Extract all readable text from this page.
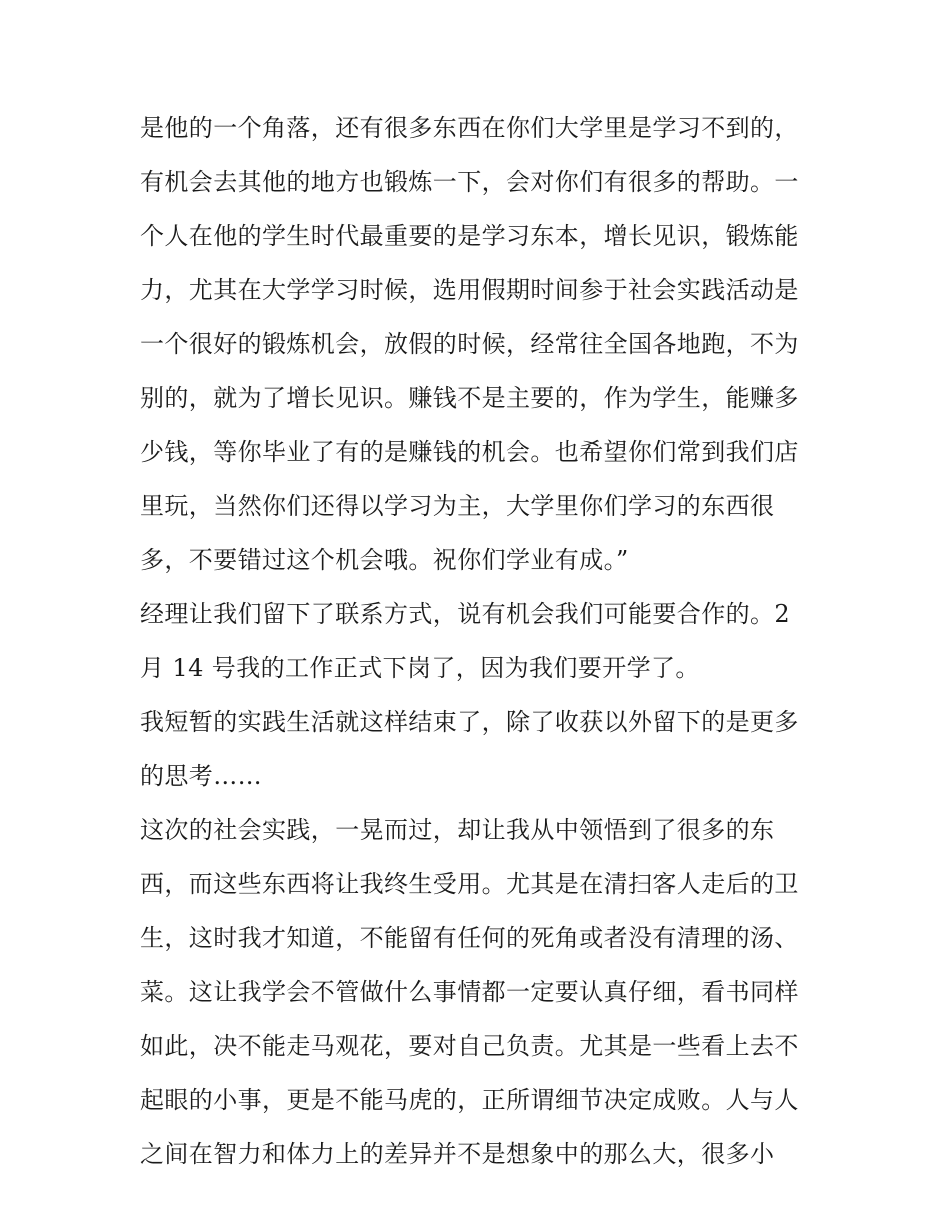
是他的一个角落，还有很多东西在你们大学里是学习不到的，
有机会去其他的地方也锻炼一下，会对你们有很多的帮助。一
个人在他的学生时代最重要的是学习东本，增长见识，锻炼能
力，尤其在大学学习时候，选用假期时间参于社会实践活动是
一个很好的锻炼机会，放假的时候，经常往全国各地跑，不为
别的，就为了增长见识。赚钱不是主要的，作为学生，能赚多
少钱，等你毕业了有的是赚钱的机会。也希望你们常到我们店
里玩，当然你们还得以学习为主，大学里你们学习的东西很
多，不要错过这个机会哦。祝你们学业有成。”
经理让我们留下了联系方式，说有机会我们可能要合作的。2
月 14 号我的工作正式下岗了，因为我们要开学了。
我短暂的实践生活就这样结束了，除了收获以外留下的是更多
的思考……
这次的社会实践，一晃而过，却让我从中领悟到了很多的东
西，而这些东西将让我终生受用。尤其是在清扫客人走后的卫
生，这时我才知道，不能留有任何的死角或者没有清理的汤、
菜。这让我学会不管做什么事情都一定要认真仔细，看书同样
如此，决不能走马观花，要对自己负责。尤其是一些看上去不
起眼的小事，更是不能马虎的，正所谓细节决定成败。人与人
之间在智力和体力上的差异并不是想象中的那么大，很多小
